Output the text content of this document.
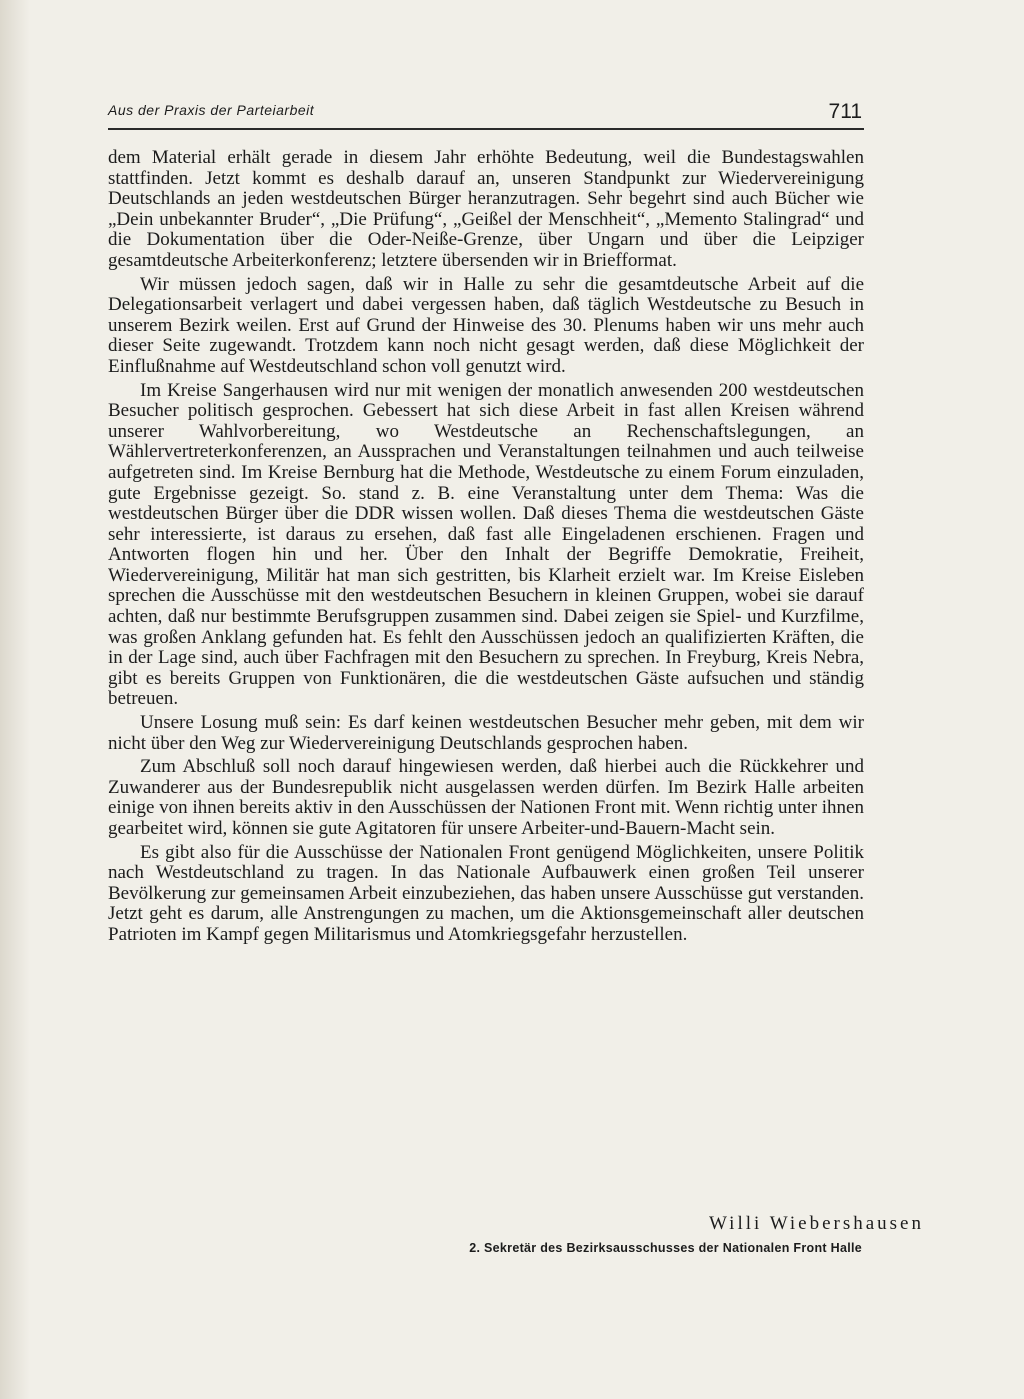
Aus der Praxis der Parteiarbeit	711

dem Material erhält gerade in diesem Jahr erhöhte Bedeutung, weil die Bundestagswahlen stattfinden. Jetzt kommt es deshalb darauf an, unseren Standpunkt zur Wiedervereinigung Deutschlands an jeden westdeutschen Bürger heranzutragen. Sehr begehrt sind auch Bücher wie „Dein unbekannter Bruder“, „Die Prüfung“, „Geißel der Menschheit“, „Memento Stalingrad“ und die Dokumentation über die Oder-Neiße-Grenze, über Ungarn und über die Leipziger gesamtdeutsche Arbeiterkonferenz; letztere übersenden wir in Briefformat.

Wir müssen jedoch sagen, daß wir in Halle zu sehr die gesamtdeutsche Arbeit auf die Delegationsarbeit verlagert und dabei vergessen haben, daß täglich Westdeutsche zu Besuch in unserem Bezirk weilen. Erst auf Grund der Hinweise des 30. Plenums haben wir uns mehr auch dieser Seite zugewandt. Trotzdem kann noch nicht gesagt werden, daß diese Möglichkeit der Einflußnahme auf Westdeutschland schon voll genutzt wird.

Im Kreise Sangerhausen wird nur mit wenigen der monatlich anwesenden 200 westdeutschen Besucher politisch gesprochen. Gebessert hat sich diese Arbeit in fast allen Kreisen während unserer Wahlvorbereitung, wo Westdeutsche an Rechenschaftslegungen, an Wählervertreterkonferenzen, an Aussprachen und Veranstaltungen teilnahmen und auch teilweise aufgetreten sind. Im Kreise Bernburg hat die Methode, Westdeutsche zu einem Forum einzuladen, gute Ergebnisse gezeigt. So. stand z. B. eine Veranstaltung unter dem Thema: Was die westdeutschen Bürger über die DDR wissen wollen. Daß dieses Thema die westdeutschen Gäste sehr interessierte, ist daraus zu ersehen, daß fast alle Eingeladenen erschienen. Fragen und Antworten flogen hin und her. Über den Inhalt der Begriffe Demokratie, Freiheit, Wiedervereinigung, Militär hat man sich gestritten, bis Klarheit erzielt war. Im Kreise Eisleben sprechen die Ausschüsse mit den westdeutschen Besuchern in kleinen Gruppen, wobei sie darauf achten, daß nur bestimmte Berufsgruppen zusammen sind. Dabei zeigen sie Spiel- und Kurzfilme, was großen Anklang gefunden hat. Es fehlt den Ausschüssen jedoch an qualifizierten Kräften, die in der Lage sind, auch über Fachfragen mit den Besuchern zu sprechen. In Freyburg, Kreis Nebra, gibt es bereits Gruppen von Funktionären, die die westdeutschen Gäste aufsuchen und ständig betreuen.

Unsere Losung muß sein: Es darf keinen westdeutschen Besucher mehr geben, mit dem wir nicht über den Weg zur Wiedervereinigung Deutschlands gesprochen haben.

Zum Abschluß soll noch darauf hingewiesen werden, daß hierbei auch die Rückkehrer und Zuwanderer aus der Bundesrepublik nicht ausgelassen werden dürfen. Im Bezirk Halle arbeiten einige von ihnen bereits aktiv in den Ausschüssen der Nationen Front mit. Wenn richtig unter ihnen gearbeitet wird, können sie gute Agitatoren für unsere Arbeiter-und-Bauern-Macht sein.

Es gibt also für die Ausschüsse der Nationalen Front genügend Möglichkeiten, unsere Politik nach Westdeutschland zu tragen. In das Nationale Aufbauwerk einen großen Teil unserer Bevölkerung zur gemeinsamen Arbeit einzubeziehen, das haben unsere Ausschüsse gut verstanden. Jetzt geht es darum, alle Anstrengungen zu machen, um die Aktionsgemeinschaft aller deutschen Patrioten im Kampf gegen Militarismus und Atomkriegsgefahr herzustellen.

Willi Wiebershausen
2. Sekretär des Bezirksausschusses der Nationalen Front Halle
